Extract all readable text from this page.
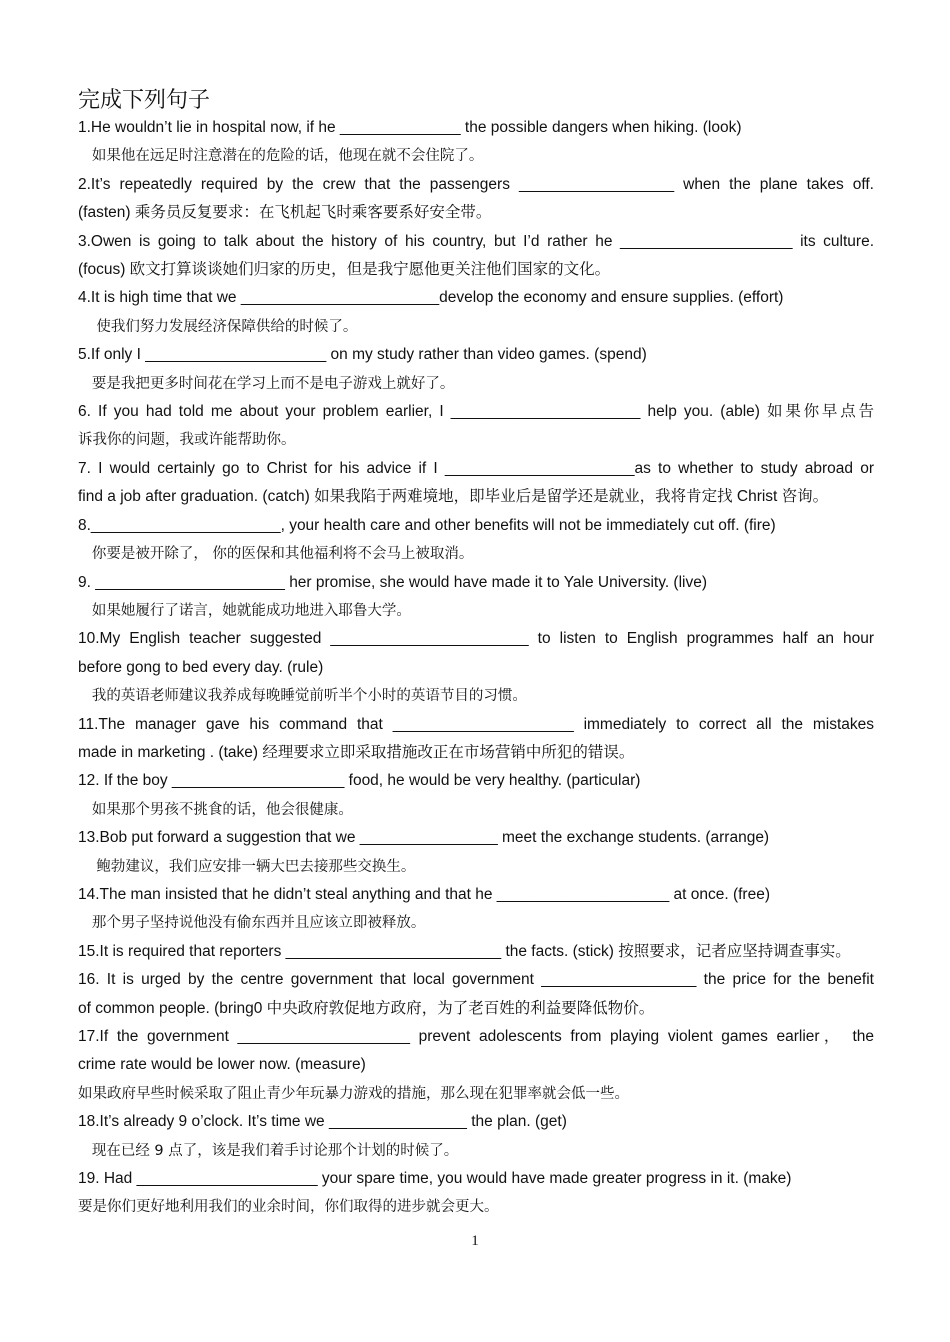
完成下列句子
1.He wouldn’t lie in hospital now, if he ______________ the possible dangers when hiking. (look)
如果他在远足时注意潜在的危险的话，他现在就不会住院了。
2.It’s repeatedly required by the crew that the passengers __________________ when the plane takes off.
(fasten) 乘务员反复要求：在飞机起飞时乘客要系好安全带。
3.Owen is going to talk about the history of his country, but I’d rather he ____________________ its culture.
(focus) 欧文打算谈谈她们归家的历史，但是我宁愿他更关注他们国家的文化。
4.It is high time that we _______________________develop the economy and ensure supplies. (effort)
使我们努力发展经济保障供给的时候了。
5.If only I _____________________ on my study rather than video games. (spend)
要是我把更多时间花在学习上而不是电子游戏上就好了。
6. If you had told me about your problem earlier, I ______________________ help you. (able) 如果你早点告
诉我你的问题，我或许能帮助你。
7. I would certainly go to Christ for his advice if I ______________________as to whether to study abroad or
find a job after graduation. (catch) 如果我陷于两难境地，即毕业后是留学还是就业，我将肯定找 Christ 咨询。
8.______________________, your health care and other benefits will not be immediately cut off. (fire)
你要是被开除了， 你的医保和其他福利将不会马上被取消。
9. ______________________ her promise, she would have made it to Yale University. (live)
如果她履行了诺言，她就能成功地进入耶鲁大学。
10.My English teacher suggested _______________________ to listen to English programmes half an hour
before gong to bed every day. (rule)
我的英语老师建议我养成每晚睡觉前听半个小时的英语节目的习惯。
11.The manager gave his command that _____________________ immediately to correct all the mistakes
made in marketing . (take) 经理要求立即采取措施改正在市场营销中所犯的错误。
12. If the boy ____________________ food, he would be very healthy. (particular)
如果那个男孩不挑食的话，他会很健康。
13.Bob put forward a suggestion that we ________________ meet the exchange students. (arrange)
鲍勃建议，我们应安排一辆大巴去接那些交换生。
14.The man insisted that he didn’t steal anything and that he ____________________ at once. (free)
那个男子坚持说他没有偷东西并且应该立即被释放。
15.It is required that reporters _________________________ the facts. (stick) 按照要求，记者应坚持调查事实。
16. It is urged by the centre government that local government __________________ the price for the benefit
of common people. (bring0 中央政府敦促地方政府，为了老百姓的利益要降低物价。
17.If the government ____________________ prevent adolescents from playing violent games earlier， the
crime rate would be lower now. (measure)
如果政府早些时候采取了阻止青少年玩暴力游戏的措施，那么现在犯罪率就会低一些。
18.It’s already 9 o’clock. It’s time we ________________ the plan. (get)
现在已经 9 点了，该是我们着手讨论那个计划的时候了。
19. Had _____________________ your spare time, you would have made greater progress in it. (make)
要是你们更好地利用我们的业余时间，你们取得的进步就会更大。
1
